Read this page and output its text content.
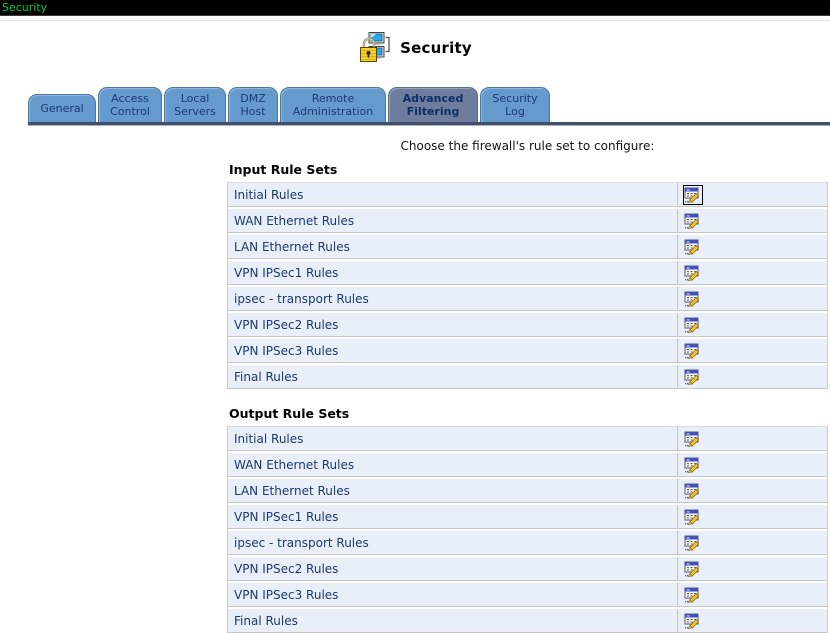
Security
Security
General
Access Control
Local Servers
DMZ Host
Remote Administration
Advanced Filtering
Security Log
Choose the firewall's rule set to configure:
Input Rule Sets
Initial Rules
WAN Ethernet Rules
LAN Ethernet Rules
VPN IPSec1 Rules
ipsec - transport Rules
VPN IPSec2 Rules
VPN IPSec3 Rules
Final Rules
Output Rule Sets
Initial Rules
WAN Ethernet Rules
LAN Ethernet Rules
VPN IPSec1 Rules
ipsec - transport Rules
VPN IPSec2 Rules
VPN IPSec3 Rules
Final Rules
